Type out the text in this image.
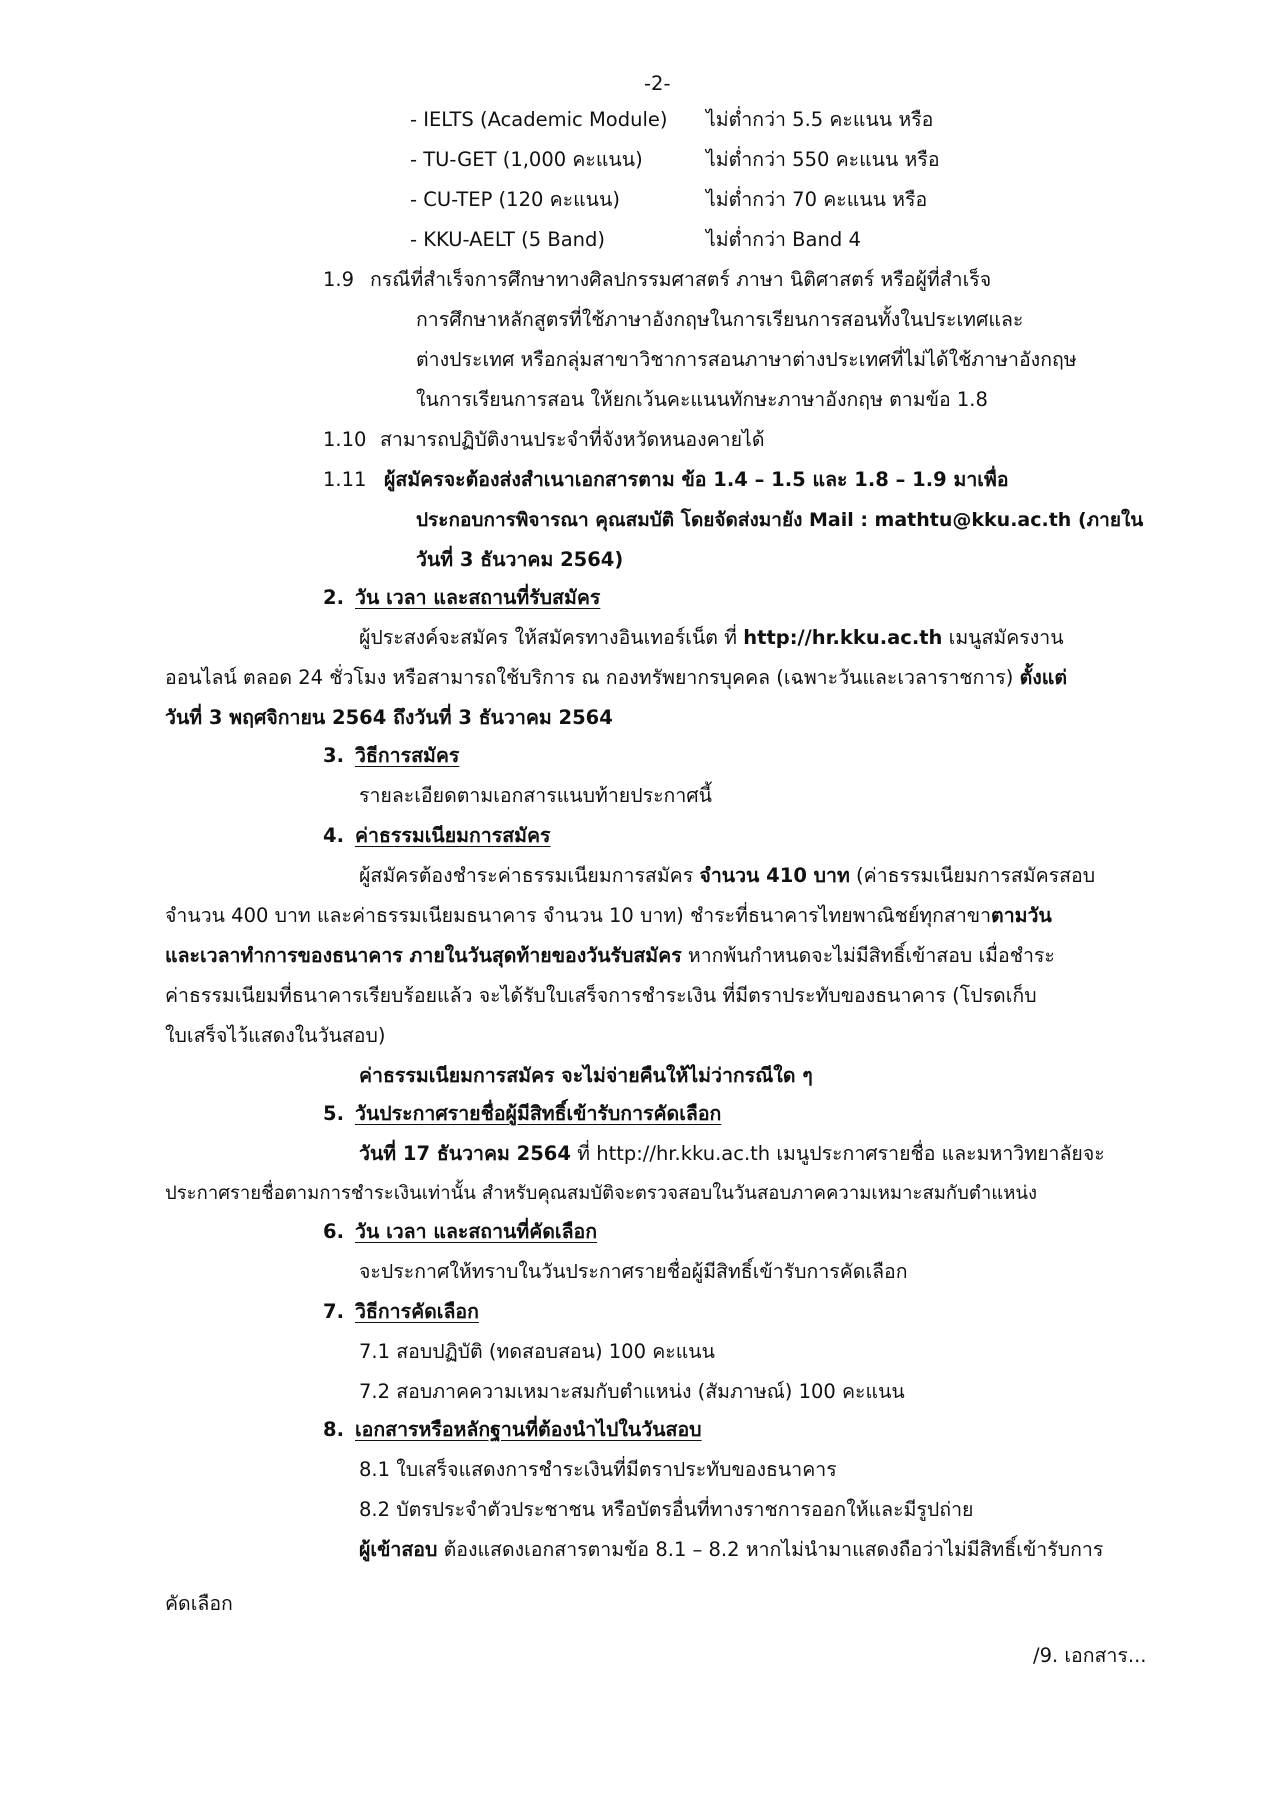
-2-
- IELTS (Academic Module) ไม่ต่ำกว่า 5.5 คะแนน หรือ
- TU-GET (1,000 คะแนน)	ไม่ต่ำกว่า 550 คะแนน หรือ
- CU-TEP (120 คะแนน)	ไม่ต่ำกว่า 70 คะแนน หรือ
- KKU-AELT (5 Band)	ไม่ต่ำกว่า Band 4
1.9 กรณีที่สำเร็จการศึกษาทางศิลปกรรมศาสตร์ ภาษา นิติศาสตร์ หรือผู้ที่สำเร็จ
การศึกษาหลักสูตรที่ใช้ภาษาอังกฤษในการเรียนการสอนทั้งในประเทศและ
ต่างประเทศ หรือกลุ่มสาขาวิชาการสอนภาษาต่างประเทศที่ไม่ได้ใช้ภาษาอังกฤษ
ในการเรียนการสอน ให้ยกเว้นคะแนนทักษะภาษาอังกฤษ ตามข้อ 1.8
1.10 สามารถปฏิบัติงานประจำที่จังหวัดหนองคายได้
1.11 ผู้สมัครจะต้องส่งสำเนาเอกสารตาม ข้อ 1.4 – 1.5 และ 1.8 – 1.9 มาเพื่อ
ประกอบการพิจารณา คุณสมบัติ โดยจัดส่งมายัง Mail : mathtu@kku.ac.th (ภายใน
วันที่ 3 ธันวาคม 2564)
2. วัน เวลา และสถานที่รับสมัคร
ผู้ประสงค์จะสมัคร ให้สมัครทางอินเทอร์เน็ต ที่ http://hr.kku.ac.th เมนูสมัครงาน
ออนไลน์ ตลอด 24 ชั่วโมง หรือสามารถใช้บริการ ณ กองทรัพยากรบุคคล (เฉพาะวันและเวลาราชการ) ตั้งแต่
วันที่ 3 พฤศจิกายน 2564 ถึงวันที่ 3 ธันวาคม 2564
3. วิธีการสมัคร
รายละเอียดตามเอกสารแนบท้ายประกาศนี้
4. ค่าธรรมเนียมการสมัคร
ผู้สมัครต้องชำระค่าธรรมเนียมการสมัคร จำนวน 410 บาท (ค่าธรรมเนียมการสมัครสอบ
จำนวน 400 บาท และค่าธรรมเนียมธนาคาร จำนวน 10 บาท) ชำระที่ธนาคารไทยพาณิชย์ทุกสาขาตามวัน
และเวลาทำการของธนาคาร ภายในวันสุดท้ายของวันรับสมัคร หากพ้นกำหนดจะไม่มีสิทธิ์เข้าสอบ เมื่อชำระ
ค่าธรรมเนียมที่ธนาคารเรียบร้อยแล้ว จะได้รับใบเสร็จการชำระเงิน ที่มีตราประทับของธนาคาร (โปรดเก็บ
ใบเสร็จไว้แสดงในวันสอบ)
ค่าธรรมเนียมการสมัคร จะไม่จ่ายคืนให้ไม่ว่ากรณีใด ๆ
5. วันประกาศรายชื่อผู้มีสิทธิ์เข้ารับการคัดเลือก
วันที่ 17 ธันวาคม 2564 ที่ http://hr.kku.ac.th เมนูประกาศรายชื่อ และมหาวิทยาลัยจะ
ประกาศรายชื่อตามการชำระเงินเท่านั้น สำหรับคุณสมบัติจะตรวจสอบในวันสอบภาคความเหมาะสมกับตำแหน่ง
6. วัน เวลา และสถานที่คัดเลือก
จะประกาศให้ทราบในวันประกาศรายชื่อผู้มีสิทธิ์เข้ารับการคัดเลือก
7. วิธีการคัดเลือก
7.1 สอบปฏิบัติ (ทดสอบสอน) 100 คะแนน
7.2 สอบภาคความเหมาะสมกับตำแหน่ง (สัมภาษณ์) 100 คะแนน
8. เอกสารหรือหลักฐานที่ต้องนำไปในวันสอบ
8.1 ใบเสร็จแสดงการชำระเงินที่มีตราประทับของธนาคาร
8.2 บัตรประจำตัวประชาชน หรือบัตรอื่นที่ทางราชการออกให้และมีรูปถ่าย
ผู้เข้าสอบ ต้องแสดงเอกสารตามข้อ 8.1 – 8.2 หากไม่นำมาแสดงถือว่าไม่มีสิทธิ์เข้ารับการ
คัดเลือก
/9. เอกสาร...
